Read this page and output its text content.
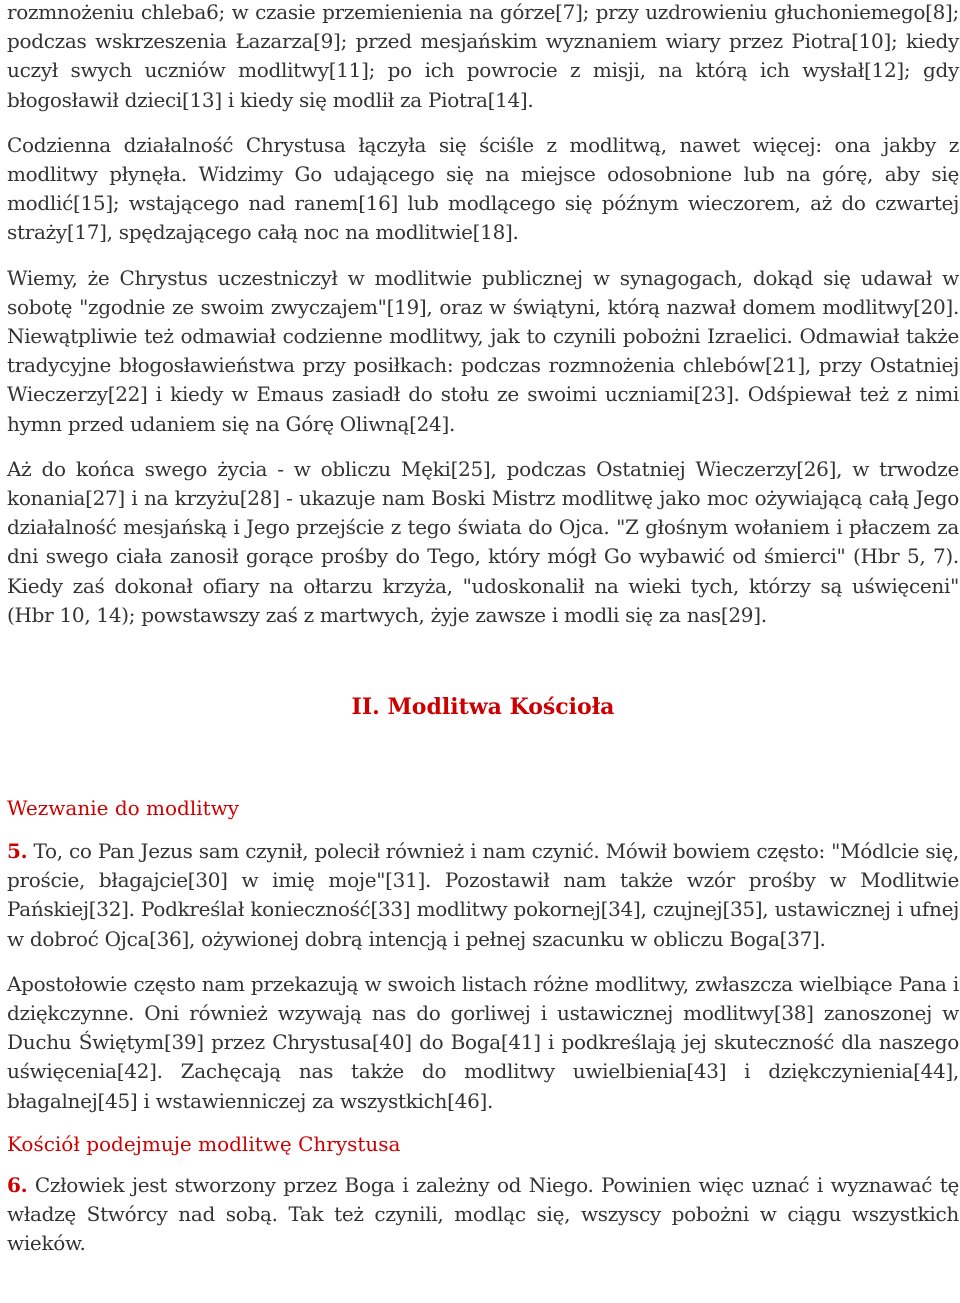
rozmnożeniu chleba6; w czasie przemienienia na górze[7]; przy uzdrowieniu głuchoniemego[8]; podczas wskrzeszenia Łazarza[9]; przed mesjańskim wyznaniem wiary przez Piotra[10]; kiedy uczył swych uczniów modlitwy[11]; po ich powrocie z misji, na którą ich wysłał[12]; gdy błogosławił dzieci[13] i kiedy się modlił za Piotra[14].

Codzienna działalność Chrystusa łączyła się ściśle z modlitwą, nawet więcej: ona jakby z modlitwy płynęła. Widzimy Go udającego się na miejsce odosobnione lub na górę, aby się modlić[15]; wstającego nad ranem[16] lub modlącego się późnym wieczorem, aż do czwartej straży[17], spędzającego całą noc na modlitwie[18].

Wiemy, że Chrystus uczestniczył w modlitwie publicznej w synagogach, dokąd się udawał w sobotę "zgodnie ze swoim zwyczajem"[19], oraz w świątyni, którą nazwał domem modlitwy[20]. Niewątpliwie też odmawiał codzienne modlitwy, jak to czynili pobożni Izraelici. Odmawiał także tradycyjne błogosławieństwa przy posiłkach: podczas rozmnożenia chlebów[21], przy Ostatniej Wieczerzy[22] i kiedy w Emaus zasiadł do stołu ze swoimi uczniami[23]. Odśpiewał też z nimi hymn przed udaniem się na Górę Oliwną[24].

Aż do końca swego życia - w obliczu Męki[25], podczas Ostatniej Wieczerzy[26], w trwodze konania[27] i na krzyżu[28] - ukazuje nam Boski Mistrz modlitwę jako moc ożywiającą całą Jego działalność mesjańską i Jego przejście z tego świata do Ojca. "Z głośnym wołaniem i płaczem za dni swego ciała zanosił gorące prośby do Tego, który mógł Go wybawić od śmierci" (Hbr 5, 7). Kiedy zaś dokonał ofiary na ołtarzu krzyża, "udoskonalił na wieki tych, którzy są uświęceni" (Hbr 10, 14); powstawszy zaś z martwych, żyje zawsze i modli się za nas[29].

II. Modlitwa Kościoła
Wezwanie do modlitwy

5. To, co Pan Jezus sam czynił, polecił również i nam czynić. Mówił bowiem często: "Módlcie się, proście, błagajcie[30] w imię moje"[31]. Pozostawił nam także wzór prośby w Modlitwie Pańskiej[32]. Podkreślał konieczność[33] modlitwy pokornej[34], czujnej[35], ustawicznej i ufnej w dobroć Ojca[36], ożywionej dobrą intencją i pełnej szacunku w obliczu Boga[37].

Apostołowie często nam przekazują w swoich listach różne modlitwy, zwłaszcza wielbiące Pana i dziękczynne. Oni również wzywają nas do gorliwej i ustawicznej modlitwy[38] zanoszonej w Duchu Świętym[39] przez Chrystusa[40] do Boga[41] i podkreślają jej skuteczność dla naszego uświęcenia[42]. Zachęcają nas także do modlitwy uwielbienia[43] i dziękczynienia[44], błagalnej[45] i wstawienniczej za wszystkich[46].

Kościół podejmuje modlitwę Chrystusa

6. Człowiek jest stworzony przez Boga i zależny od Niego. Powinien więc uznać i wyznawać tę władzę Stwórcy nad sobą. Tak też czynili, modląc się, wszyscy pobożni w ciągu wszystkich wieków.
